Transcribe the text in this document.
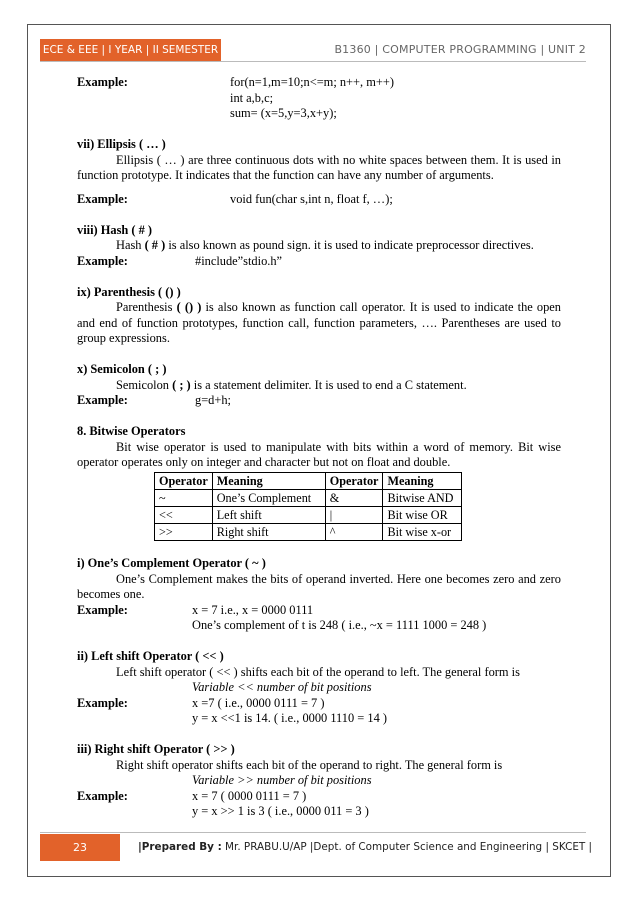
ECE & EEE | I YEAR | II SEMESTER	B1360 | COMPUTER PROGRAMMING | UNIT 2
Example:	for(n=1,m=10;n<=m; n++, m++)
int a,b,c;
sum= (x=5,y=3,x+y);
vii) Ellipsis ( … )
Ellipsis ( … ) are three continuous dots with no white spaces between them. It is used in function prototype. It indicates that the function can have any number of arguments.
Example:	void fun(char s,int n, float f, …);
viii) Hash ( # )
Hash ( # ) is also known as pound sign. it is used to indicate preprocessor directives.
Example:	#include”stdio.h”
ix) Parenthesis ( () )
Parenthesis ( () ) is also known as function call operator. It is used to indicate the open and end of function prototypes, function call, function parameters, …. Parentheses are used to group expressions.
x) Semicolon ( ; )
Semicolon ( ; ) is a statement delimiter. It is used to end a C statement.
Example:	g=d+h;
8. Bitwise Operators
Bit wise operator is used to manipulate with bits within a word of memory. Bit wise operator operates only on integer and character but not on float and double.
Operator	Meaning	Operator	Meaning
~	One’s Complement	&	Bitwise AND
<<	Left shift	|	Bit wise OR
>>	Right shift	^	Bit wise x-or
i) One’s Complement Operator ( ~ )
One’s Complement makes the bits of operand inverted. Here one becomes zero and zero becomes one.
Example:	x = 7 i.e., x = 0000 0111
One’s complement of t is 248 ( i.e., ~x = 1111 1000 = 248 )
ii) Left shift Operator ( << )
Left shift operator ( << ) shifts each bit of the operand to left. The general form is
Variable << number of bit positions
Example:	x =7 ( i.e., 0000 0111 = 7 )
y = x <<1 is 14. ( i.e., 0000 1110 = 14 )
iii) Right shift Operator ( >> )
Right shift operator shifts each bit of the operand to right. The general form is
Variable >> number of bit positions
Example:	x = 7 ( 0000 0111 = 7 )
y = x >> 1 is 3 ( i.e., 0000 011 = 3 )
23	|Prepared By : Mr. PRABU.U/AP |Dept. of Computer Science and Engineering | SKCET |
